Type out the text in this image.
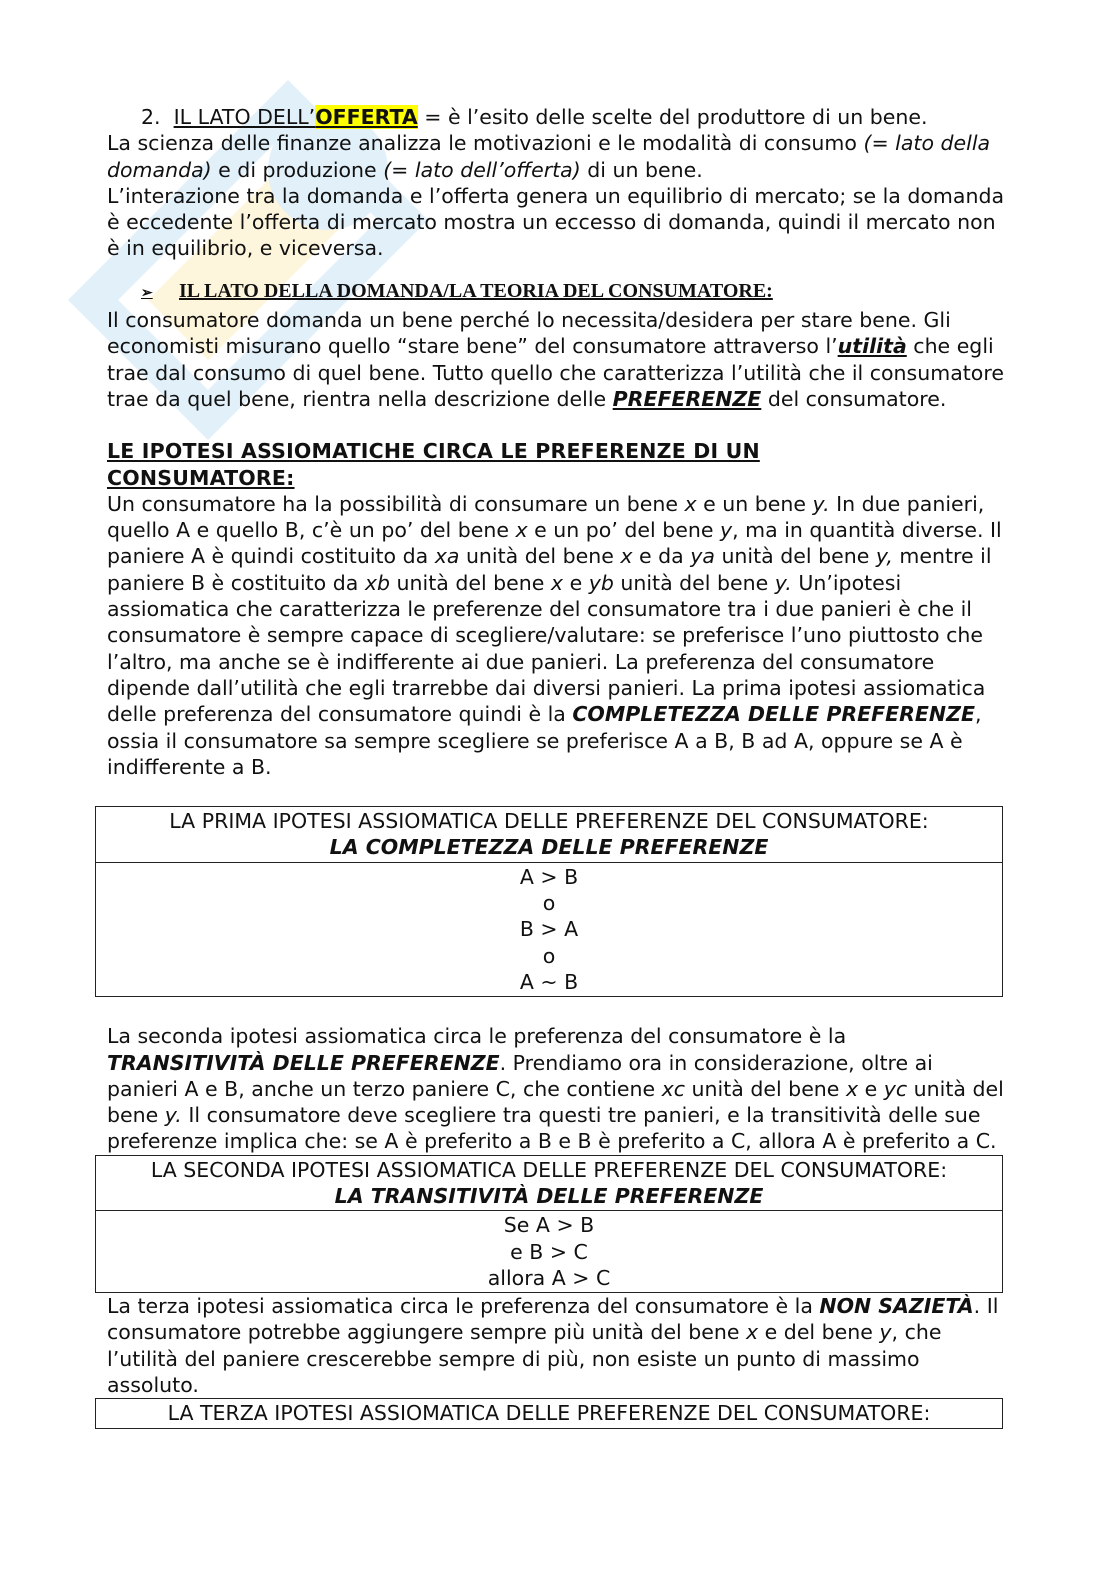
2. IL LATO DELL’OFFERTA = è l’esito delle scelte del produttore di un bene.

La scienza delle finanze analizza le motivazioni e le modalità di consumo (= lato della domanda) e di produzione (= lato dell’offerta) di un bene.

L’interazione tra la domanda e l’offerta genera un equilibrio di mercato; se la domanda è eccedente l’offerta di mercato mostra un eccesso di domanda, quindi il mercato non è in equilibrio, e viceversa.

➢	IL LATO DELLA DOMANDA/LA TEORIA DEL CONSUMATORE:

Il consumatore domanda un bene perché lo necessita/desidera per stare bene. Gli economisti misurano quello “stare bene” del consumatore attraverso l’utilità che egli trae dal consumo di quel bene. Tutto quello che caratterizza l’utilità che il consumatore trae da quel bene, rientra nella descrizione delle PREFERENZE del consumatore.

LE IPOTESI ASSIOMATICHE CIRCA LE PREFERENZE DI UN CONSUMATORE:

Un consumatore ha la possibilità di consumare un bene x e un bene y. In due panieri, quello A e quello B, c’è un po’ del bene x e un po’ del bene y, ma in quantità diverse. Il paniere A è quindi costituito da xa unità del bene x e da ya unità del bene y, mentre il paniere B è costituito da xb unità del bene x e yb unità del bene y. Un’ipotesi assiomatica che caratterizza le preferenze del consumatore tra i due panieri è che il consumatore è sempre capace di scegliere/valutare: se preferisce l’uno piuttosto che l’altro, ma anche se è indifferente ai due panieri. La preferenza del consumatore dipende dall’utilità che egli trarrebbe dai diversi panieri. La prima ipotesi assiomatica delle preferenza del consumatore quindi è la COMPLETEZZA DELLE PREFERENZE, ossia il consumatore sa sempre scegliere se preferisce A a B, B ad A, oppure se A è indifferente a B.

LA PRIMA IPOTESI ASSIOMATICA DELLE PREFERENZE DEL CONSUMATORE:
LA COMPLETEZZA DELLE PREFERENZE
A > B
o
B > A
o
A ~ B

La seconda ipotesi assiomatica circa le preferenza del consumatore è la TRANSITIVITÀ DELLE PREFERENZE. Prendiamo ora in considerazione, oltre ai panieri A e B, anche un terzo paniere C, che contiene xc unità del bene x e yc unità del bene y. Il consumatore deve scegliere tra questi tre panieri, e la transitività delle sue preferenze implica che: se A è preferito a B e B è preferito a C, allora A è preferito a C.

LA SECONDA IPOTESI ASSIOMATICA DELLE PREFERENZE DEL CONSUMATORE:
LA TRANSITIVITÀ DELLE PREFERENZE
Se A > B
e B > C
allora A > C

La terza ipotesi assiomatica circa le preferenza del consumatore è la NON SAZIETÀ. Il consumatore potrebbe aggiungere sempre più unità del bene x e del bene y, che l’utilità del paniere crescerebbe sempre di più, non esiste un punto di massimo assoluto.

LA TERZA IPOTESI ASSIOMATICA DELLE PREFERENZE DEL CONSUMATORE:
